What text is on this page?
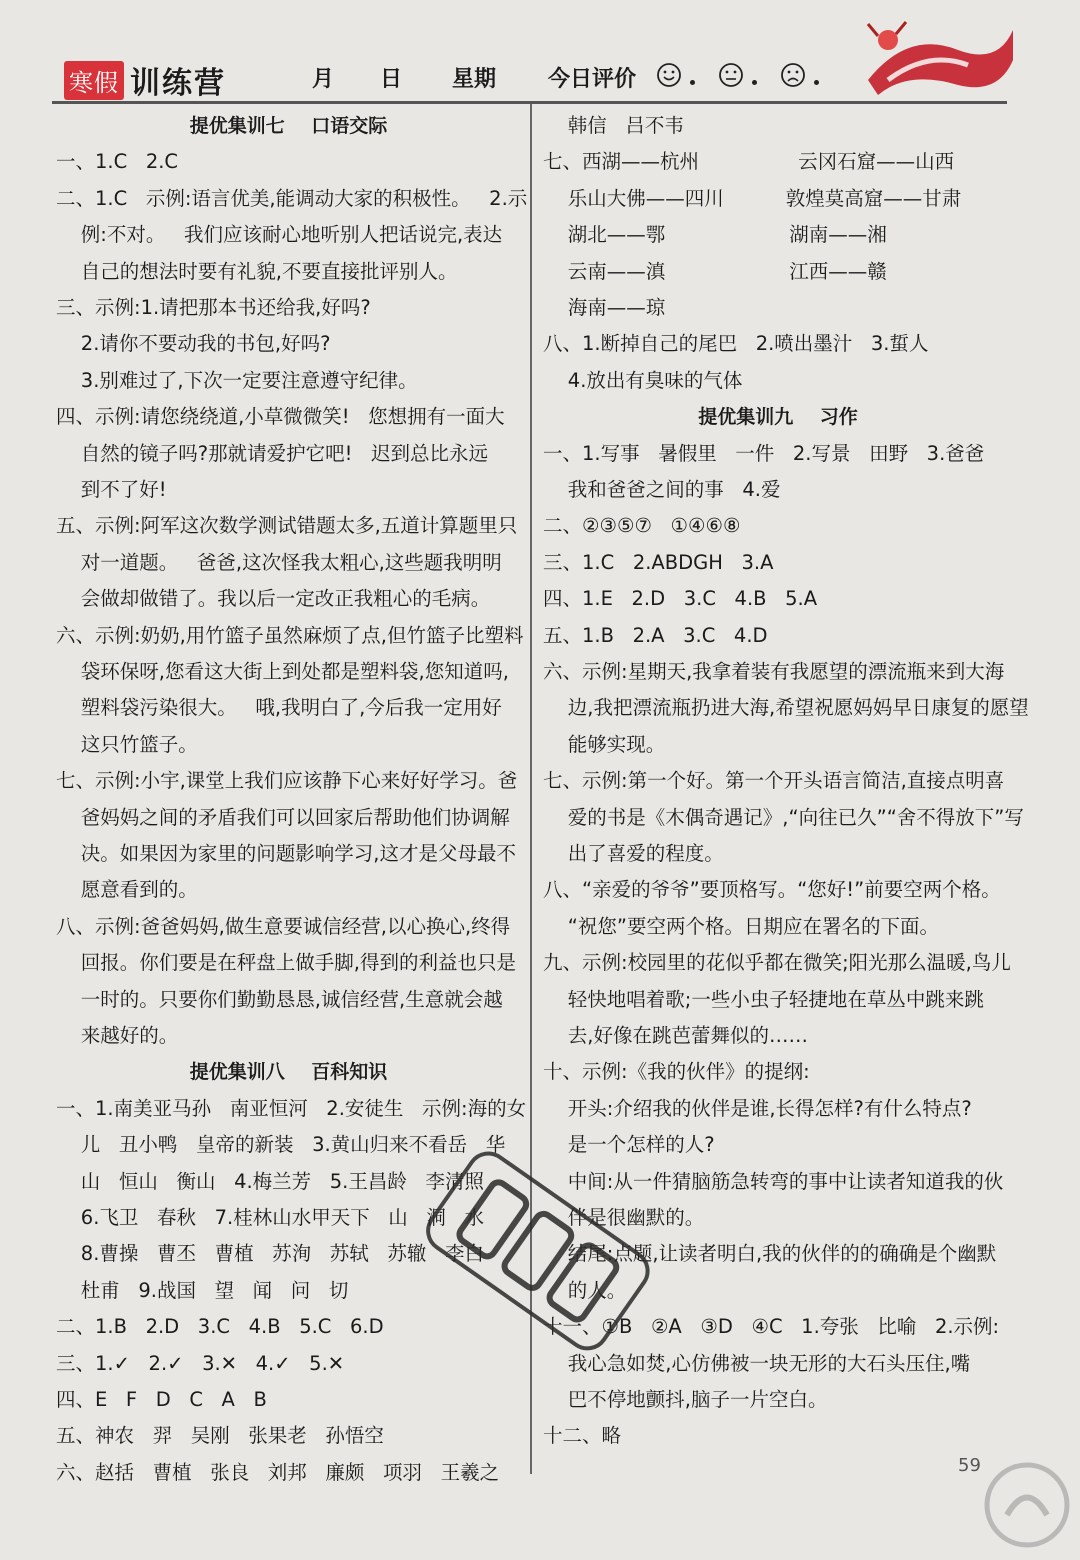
寒假 训练营	月 日 星期 今日评价
提优集训七    口语交际
一、1.C   2.C
二、1.C   示例:语言优美,能调动大家的积极性。   2.示
例:不对。   我们应该耐心地听别人把话说完,表达
自己的想法时要有礼貌,不要直接批评别人。
三、示例:1.请把那本书还给我,好吗?
2.请你不要动我的书包,好吗?
3.别难过了,下次一定要注意遵守纪律。
四、示例:请您绕绕道,小草微微笑!   您想拥有一面大
自然的镜子吗?那就请爱护它吧!   迟到总比永远
到不了好!
五、示例:阿军这次数学测试错题太多,五道计算题里只
对一道题。   爸爸,这次怪我太粗心,这些题我明明
会做却做错了。我以后一定改正我粗心的毛病。
六、示例:奶奶,用竹篮子虽然麻烦了点,但竹篮子比塑料
袋环保呀,您看这大街上到处都是塑料袋,您知道吗,
塑料袋污染很大。   哦,我明白了,今后我一定用好
这只竹篮子。
七、示例:小宇,课堂上我们应该静下心来好好学习。爸
爸妈妈之间的矛盾我们可以回家后帮助他们协调解
决。如果因为家里的问题影响学习,这才是父母最不
愿意看到的。
八、示例:爸爸妈妈,做生意要诚信经营,以心换心,终得
回报。你们要是在秤盘上做手脚,得到的利益也只是
一时的。只要你们勤勤恳恳,诚信经营,生意就会越
来越好的。
提优集训八    百科知识
一、1.南美亚马孙   南亚恒河   2.安徒生   示例:海的女
儿   丑小鸭   皇帝的新装   3.黄山归来不看岳   华
山   恒山   衡山   4.梅兰芳   5.王昌龄   李清照
6.飞卫   春秋   7.桂林山水甲天下   山   洞   水
8.曹操   曹丕   曹植   苏洵   苏轼   苏辙   李白
杜甫   9.战国   望   闻   问   切
二、1.B   2.D   3.C   4.B   5.C   6.D
三、1.✓   2.✓   3.✕   4.✓   5.✕
四、E   F   D   C   A   B
五、神农   羿   吴刚   张果老   孙悟空
六、赵括   曹植   张良   刘邦   廉颇   项羽   王羲之
韩信   吕不韦
七、西湖——杭州                云冈石窟——山西
乐山大佛——四川          敦煌莫高窟——甘肃
湖北——鄂                    湖南——湘
云南——滇                    江西——赣
海南——琼
八、1.断掉自己的尾巴   2.喷出墨汁   3.蜇人
4.放出有臭味的气体
提优集训九    习作
一、1.写事   暑假里   一件   2.写景   田野   3.爸爸
我和爸爸之间的事   4.爱
二、②③⑤⑦   ①④⑥⑧
三、1.C   2.ABDGH   3.A
四、1.E   2.D   3.C   4.B   5.A
五、1.B   2.A   3.C   4.D
六、示例:星期天,我拿着装有我愿望的漂流瓶来到大海
边,我把漂流瓶扔进大海,希望祝愿妈妈早日康复的愿望
能够实现。
七、示例:第一个好。第一个开头语言简洁,直接点明喜
爱的书是《木偶奇遇记》,“向往已久”“舍不得放下”写
出了喜爱的程度。
八、“亲爱的爷爷”要顶格写。“您好!”前要空两个格。
“祝您”要空两个格。日期应在署名的下面。
九、示例:校园里的花似乎都在微笑;阳光那么温暖,鸟儿
轻快地唱着歌;一些小虫子轻捷地在草丛中跳来跳
去,好像在跳芭蕾舞似的……
十、示例:《我的伙伴》的提纲:
开头:介绍我的伙伴是谁,长得怎样?有什么特点?
是一个怎样的人?
中间:从一件猜脑筋急转弯的事中让读者知道我的伙
伴是很幽默的。
结尾:点题,让读者明白,我的伙伴的的确确是个幽默
的人。
十一、①B   ②A   ③D   ④C   1.夸张   比喻   2.示例:
我心急如焚,心仿佛被一块无形的大石头压住,嘴
巴不停地颤抖,脑子一片空白。
十二、略
59
